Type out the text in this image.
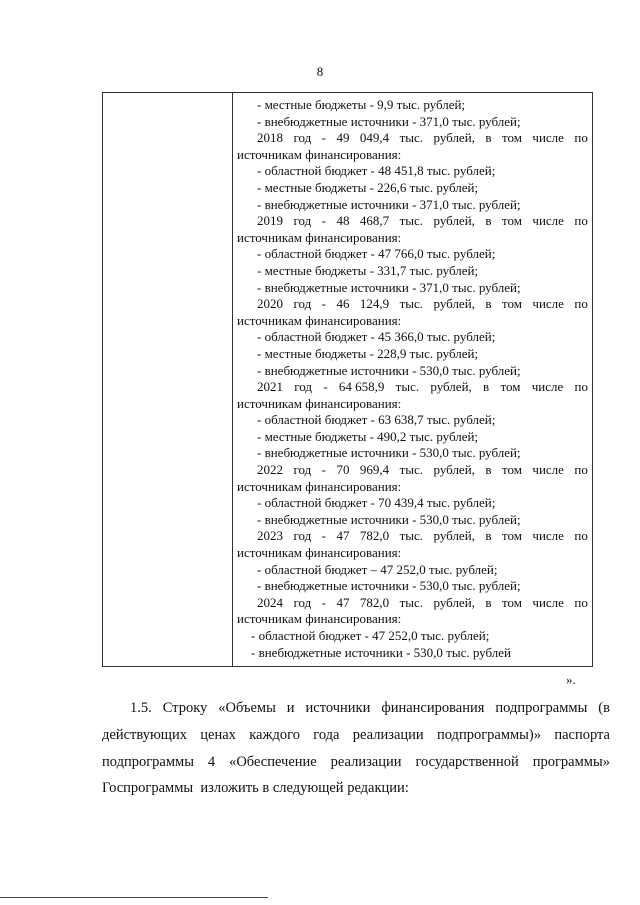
8
- местные бюджеты - 9,9 тыс. рублей;
- внебюджетные источники - 371,0 тыс. рублей;
2018 год - 49 049,4 тыс. рублей, в том числе по
источникам финансирования:
- областной бюджет - 48 451,8 тыс. рублей;
- местные бюджеты - 226,6 тыс. рублей;
- внебюджетные источники - 371,0 тыс. рублей;
2019 год - 48 468,7 тыс. рублей, в том числе по
источникам финансирования:
- областной бюджет - 47 766,0 тыс. рублей;
- местные бюджеты - 331,7 тыс. рублей;
- внебюджетные источники - 371,0 тыс. рублей;
2020 год - 46 124,9 тыс. рублей, в том числе по
источникам финансирования:
- областной бюджет - 45 366,0 тыс. рублей;
- местные бюджеты - 228,9 тыс. рублей;
- внебюджетные источники - 530,0 тыс. рублей;
2021 год - 64 658,9 тыс. рублей, в том числе по
источникам финансирования:
- областной бюджет - 63 638,7 тыс. рублей;
- местные бюджеты - 490,2 тыс. рублей;
- внебюджетные источники - 530,0 тыс. рублей;
2022 год - 70 969,4 тыс. рублей, в том числе по
источникам финансирования:
- областной бюджет - 70 439,4 тыс. рублей;
- внебюджетные источники - 530,0 тыс. рублей;
2023 год - 47 782,0 тыс. рублей, в том числе по
источникам финансирования:
- областной бюджет – 47 252,0 тыс. рублей;
- внебюджетные источники - 530,0 тыс. рублей;
2024 год - 47 782,0 тыс. рублей, в том числе по
источникам финансирования:
- областной бюджет - 47 252,0 тыс. рублей;
- внебюджетные источники - 530,0 тыс. рублей
».
1.5. Строку «Объемы и источники финансирования подпрограммы (в
действующих ценах каждого года реализации подпрограммы)» паспорта
подпрограммы 4 «Обеспечение реализации государственной программы»
Госпрограммы  изложить в следующей редакции:
